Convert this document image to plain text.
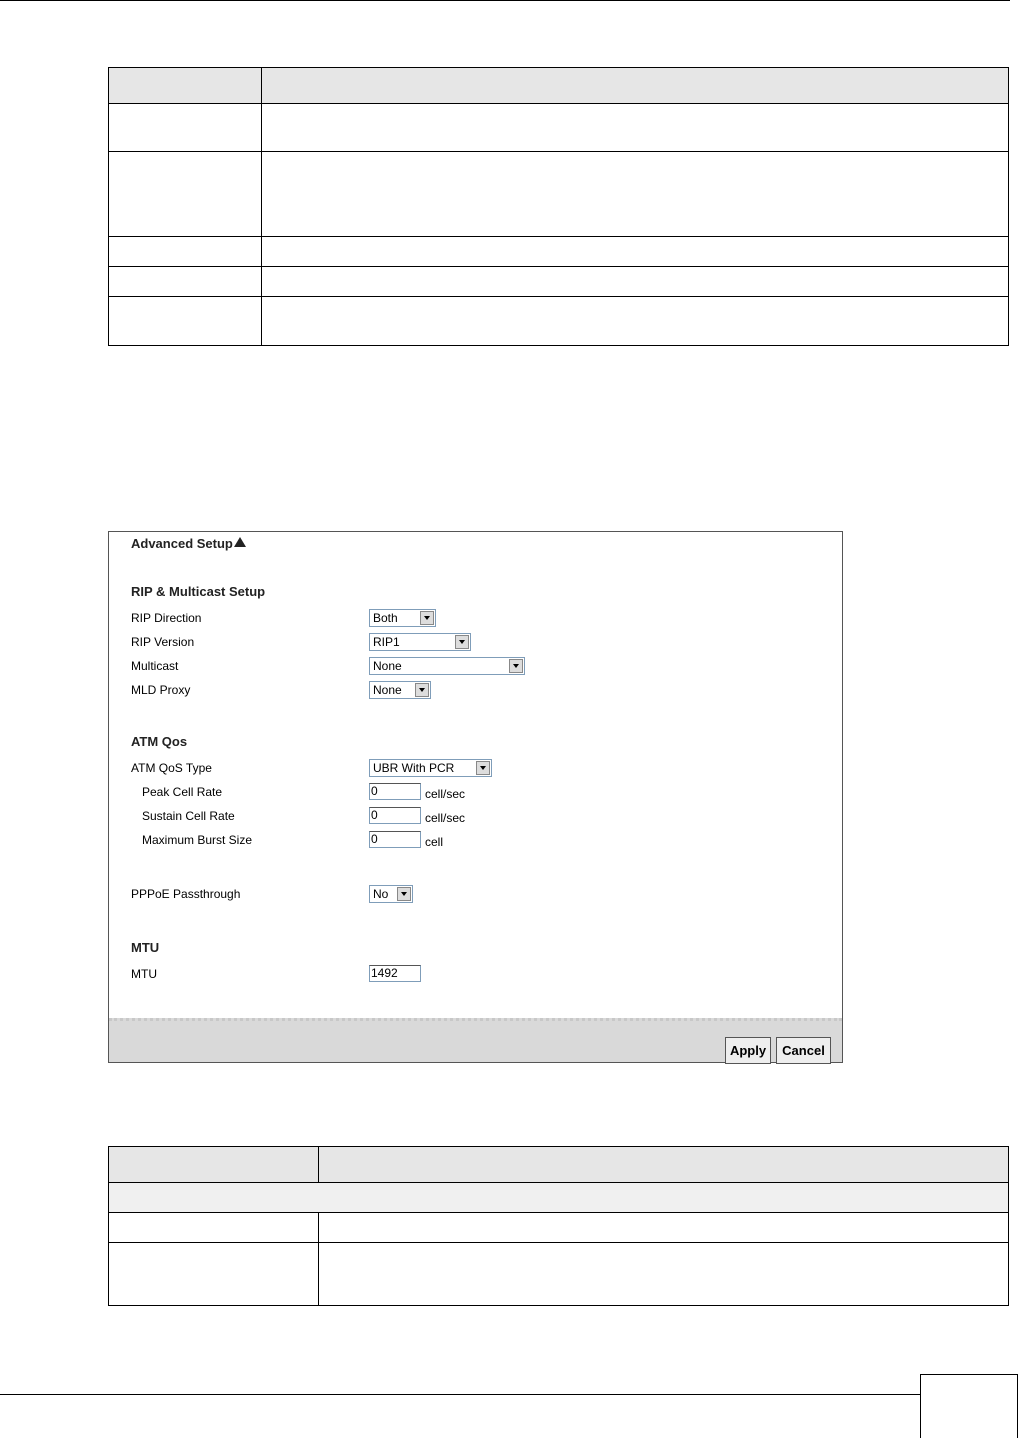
Advanced Setup
RIP & Multicast Setup
RIP Direction	Both
RIP Version	RIP1
Multicast	None
MLD Proxy	None
ATM Qos
ATM QoS Type	UBR With PCR
Peak Cell Rate	0	cell/sec
Sustain Cell Rate	0	cell/sec
Maximum Burst Size	0	cell
PPPoE Passthrough	No
MTU
MTU	1492
Apply	Cancel
